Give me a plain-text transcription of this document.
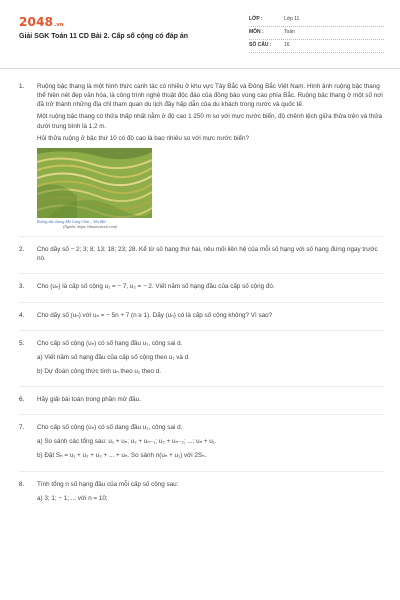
2048.vn
Giải SGK Toán 11 CD Bài 2. Cấp số cộng có đáp án
LỚP :	Lớp 11
MÔN :	Toán
SỐ CÂU :	16
1.	Ruộng bậc thang là một hình thức canh tác có nhiều ở khu vực Tây Bắc và Đông Bắc Việt Nam. Hình ảnh ruộng bậc thang thể hiện nét đẹp văn hóa, là công trình nghệ thuật độc đáo của đồng bào vùng cao phía Bắc. Ruộng bậc thang ở một số nơi đã trở thành những địa chỉ tham quan du lịch đầy hấp dẫn của du khách trong nước và quốc tế.

Một ruộng bậc thang có thửa thấp nhất nằm ở độ cao 1 250 m so với mực nước biển, độ chênh lệch giữa thửa trên và thửa dưới trung bình là 1,2 m.

Hỏi thửa ruộng ở bậc thứ 10 có độ cao là bao nhiêu so với mực nước biển?

Ruộng bậc thang Mù Cang Chải – Yên Bái
(Nguồn: https://shutterstock.com)
2.	Cho dãy số − 2; 3; 8; 13; 18; 23; 28. Kể từ số hạng thứ hai, nêu mối liên hệ của mỗi số hạng với số hạng đứng ngay trước nó.

3.	Cho (uₙ) là cấp số cộng u₁ = − 7, u₂ = − 2. Viết năm số hạng đầu của cấp số cộng đó.

4.	Cho dãy số (uₙ) với uₙ = − 5n + 7 (n ≥ 1). Dãy (uₙ) có là cấp số cộng không? Vì sao?

5.	Cho cấp số cộng (uₙ) có số hạng đầu u₁, công sai d.

a) Viết năm số hạng đầu của cấp số cộng theo u₁ và d.

b) Dự đoán công thức tính uₙ theo u₁ theo d.

6.	Hãy giải bài toán trong phần mở đầu.

7.	Cho cấp số cộng (uₙ) có số dạng đầu u₁, công sai d.

a) So sánh các tổng sau: u₁ + uₙ; u₂ + uₙ₋₁; u₃ + uₙ₋₂; ...; uₙ + u₁.

b) Đặt Sₙ = u₁ + u₂ + u₃ + ... + uₙ. So sánh n(uₙ + u₁) với 2Sₙ.

8.	Tính tổng n số hạng đầu của mỗi cấp số cộng sau:

a) 3; 1; − 1; ... với n = 10;
